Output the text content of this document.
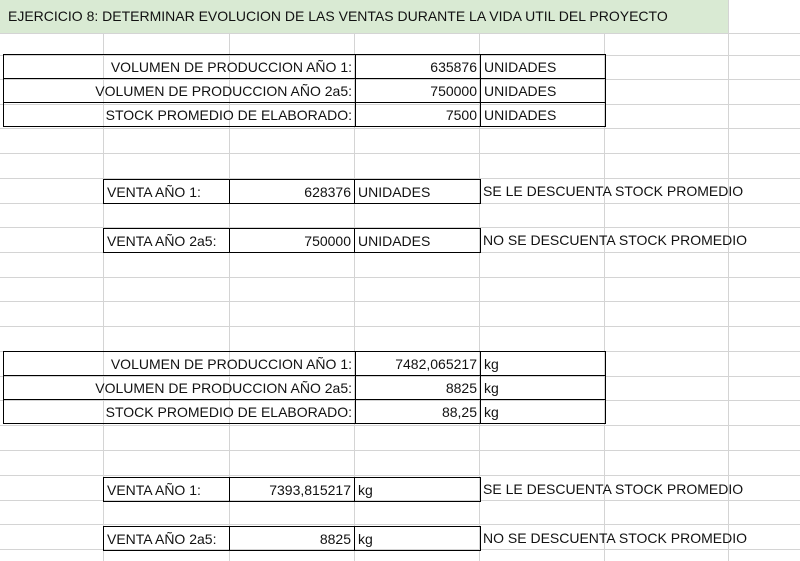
EJERCICIO 8: DETERMINAR EVOLUCION DE LAS VENTAS DURANTE LA VIDA UTIL DEL PROYECTO
VOLUMEN DE PRODUCCION AÑO 1:	635876	UNIDADES
VOLUMEN DE PRODUCCION AÑO 2a5:	750000	UNIDADES
STOCK PROMEDIO DE ELABORADO:	7500	UNIDADES
VENTA AÑO 1:	628376	UNIDADES	SE LE DESCUENTA STOCK PROMEDIO
VENTA AÑO 2a5:	750000	UNIDADES	NO SE DESCUENTA STOCK PROMEDIO
VOLUMEN DE PRODUCCION AÑO 1:	7482,065217	kg
VOLUMEN DE PRODUCCION AÑO 2a5:	8825	kg
STOCK PROMEDIO DE ELABORADO:	88,25	kg
VENTA AÑO 1:	7393,815217	kg	SE LE DESCUENTA STOCK PROMEDIO
VENTA AÑO 2a5:	8825	kg	NO SE DESCUENTA STOCK PROMEDIO
